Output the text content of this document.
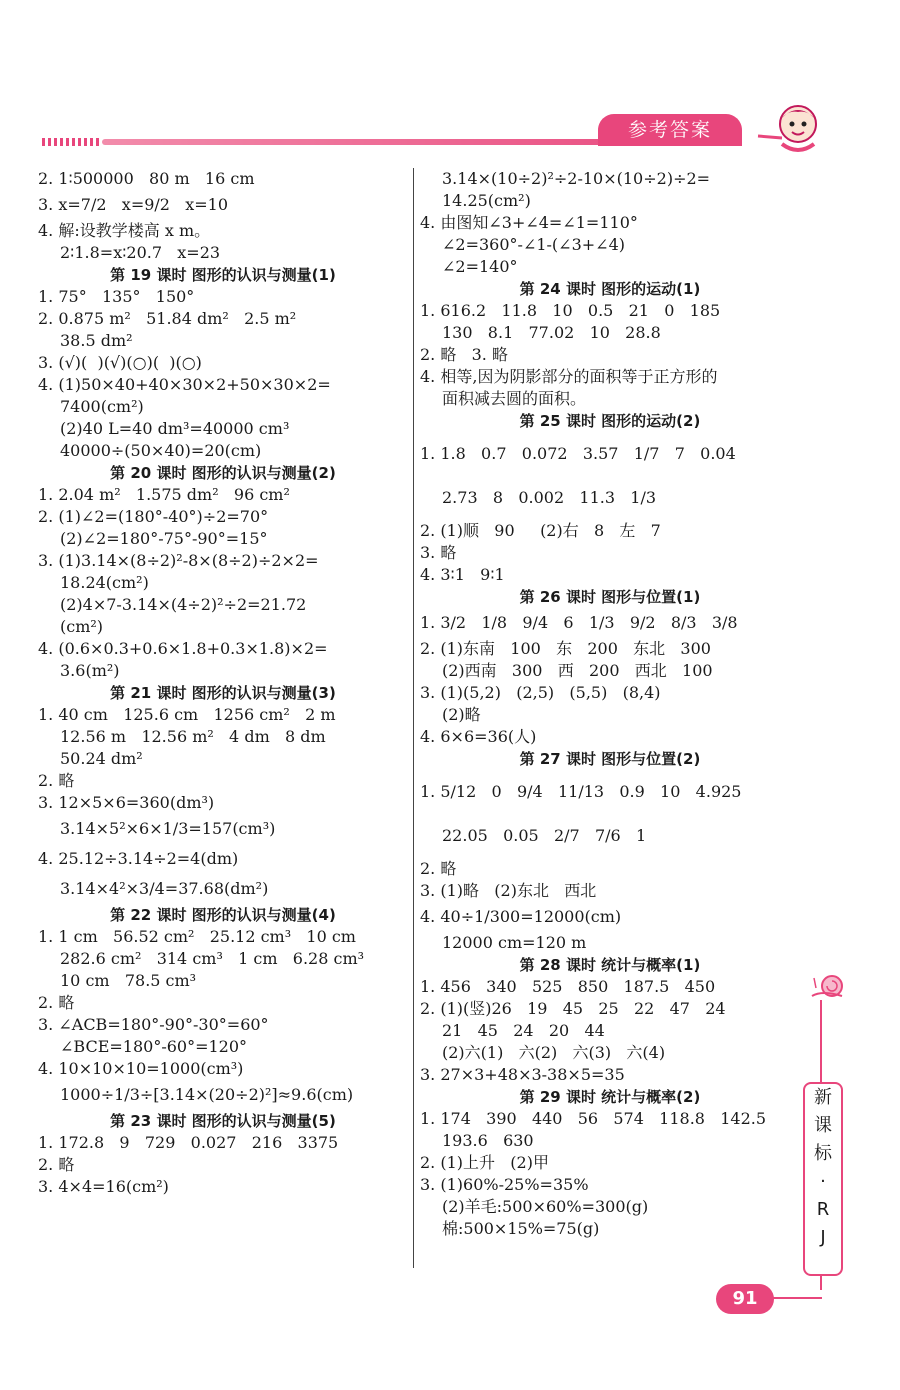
参考答案
2. 1∶500000   80 m   16 cm
3. x=7/2   x=9/2   x=10
4. 解:设教学楼高 x m。
2∶1.8=x∶20.7   x=23
第 19 课时 图形的认识与测量(1)
1. 75°   135°   150°
2. 0.875 m²   51.84 dm²   2.5 m²
38.5 dm²
3. (√)(  )(√)(○)(  )(○)
4. (1)50×40+40×30×2+50×30×2=
7400(cm²)
(2)40 L=40 dm³=40000 cm³
40000÷(50×40)=20(cm)
第 20 课时 图形的认识与测量(2)
1. 2.04 m²   1.575 dm²   96 cm²
2. (1)∠2=(180°-40°)÷2=70°
(2)∠2=180°-75°-90°=15°
3. (1)3.14×(8÷2)²-8×(8÷2)÷2×2=
18.24(cm²)
(2)4×7-3.14×(4÷2)²÷2=21.72
(cm²)
4. (0.6×0.3+0.6×1.8+0.3×1.8)×2=
3.6(m²)
第 21 课时 图形的认识与测量(3)
1. 40 cm   125.6 cm   1256 cm²   2 m
12.56 m   12.56 m²   4 dm   8 dm
50.24 dm²
2. 略
3. 12×5×6=360(dm³)
3.14×5²×6×1/3=157(cm³)
4. 25.12÷3.14÷2=4(dm)
3.14×4²×3/4=37.68(dm²)
第 22 课时 图形的认识与测量(4)
1. 1 cm   56.52 cm²   25.12 cm³   10 cm
282.6 cm²   314 cm³   1 cm   6.28 cm³
10 cm   78.5 cm³
2. 略
3. ∠ACB=180°-90°-30°=60°
∠BCE=180°-60°=120°
4. 10×10×10=1000(cm³)
1000÷1/3÷[3.14×(20÷2)²]≈9.6(cm)
第 23 课时 图形的认识与测量(5)
1. 172.8   9   729   0.027   216   3375
2. 略
3. 4×4=16(cm²)
3.14×(10÷2)²÷2-10×(10÷2)÷2=
14.25(cm²)
4. 由图知∠3+∠4=∠1=110°
∠2=360°-∠1-(∠3+∠4)
∠2=140°
第 24 课时 图形的运动(1)
1. 616.2   11.8   10   0.5   21   0   185
130   8.1   77.02   10   28.8
2. 略   3. 略
4. 相等,因为阴影部分的面积等于正方形的
面积减去圆的面积。
第 25 课时 图形的运动(2)
1. 1.8   0.7   0.072   3.57   1/7   7   0.04
2.73   8   0.002   11.3   1/3
2. (1)顺   90     (2)右   8   左   7
3. 略
4. 3∶1   9∶1
第 26 课时 图形与位置(1)
1. 3/2   1/8   9/4   6   1/3   9/2   8/3   3/8
2. (1)东南   100   东   200   东北   300
(2)西南   300   西   200   西北   100
3. (1)(5,2)   (2,5)   (5,5)   (8,4)
(2)略
4. 6×6=36(人)
第 27 课时 图形与位置(2)
1. 5/12   0   9/4   11/13   0.9   10   4.925
22.05   0.05   2/7   7/6   1
2. 略
3. (1)略   (2)东北   西北
4. 40÷1/300=12000(cm)
12000 cm=120 m
第 28 课时 统计与概率(1)
1. 456   340   525   850   187.5   450
2. (1)(竖)26   19   45   25   22   47   24
21   45   24   20   44
(2)六(1)   六(2)   六(3)   六(4)
3. 27×3+48×3-38×5=35
第 29 课时 统计与概率(2)
1. 174   390   440   56   574   118.8   142.5
193.6   630
2. (1)上升   (2)甲
3. (1)60%-25%=35%
(2)羊毛:500×60%=300(g)
棉:500×15%=75(g)
新
课
标
·
R
J
91
